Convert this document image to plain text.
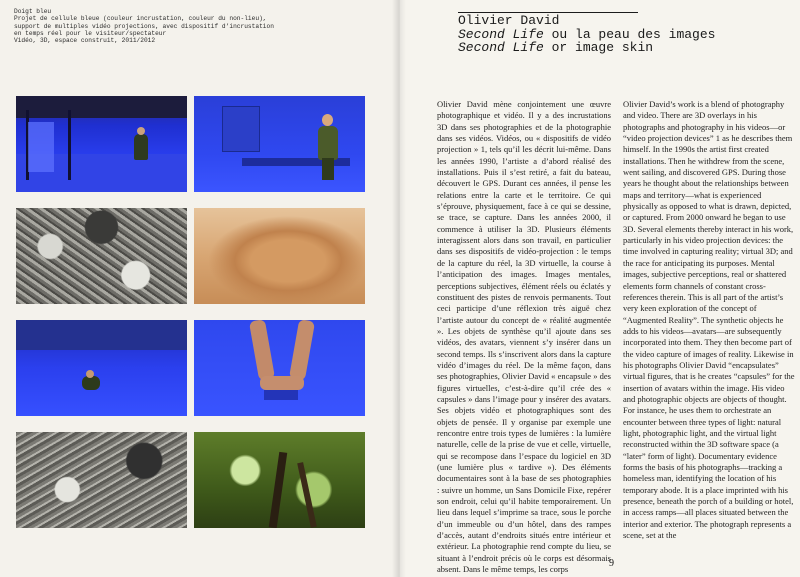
Doigt bleu
Projet de cellule bleue (couleur incrustation, couleur du non-lieu),
support de multiples vidéo projections, avec dispositif d’incrustation
en temps réel pour le visiteur/spectateur
Vidéo, 3D, espace construit, 2011/2012
Olivier David
Second Life ou la peau des images
Second Life or image skin

Olivier David mène conjointement une œuvre photographique et vidéo. Il y a des incrustations 3D dans ses photographies et de la photographie dans ses vidéos. Vidéos, ou « dispositifs de vidéo projection » 1, tels qu’il les décrit lui-même. Dans les années 1990, l’artiste a d’abord réalisé des installations. Puis il s’est retiré, a fait du bateau, découvert le GPS. Durant ces années, il pense les relations entre la carte et le territoire. Ce qui s’éprouve, physiquement, face à ce qui se dessine, se trace, se capture. Dans les années 2000, il commence à utiliser la 3D. Plusieurs éléments interagissent alors dans son travail, en particulier dans ses dispositifs de vidéo-projection : le temps de la capture du réel, la 3D virtuelle, la course à l’anticipation des images. Images mentales, perceptions subjectives, élément réels ou éclatés y constituent des pistes de renvois permanents. Tout ceci participe d’une réflexion très aiguë chez l’artiste autour du concept de « réalité augmentée ». Les objets de synthèse qu’il ajoute dans ses vidéos, des avatars, viennent s’y insérer dans un second temps. Ils s’inscrivent alors dans la capture vidéo d’images du réel. De la même façon, dans ses photographies, Olivier David « encapsule » des figures virtuelles, c’est-à-dire qu’il crée des « capsules » dans l’image pour y insérer des avatars. Ses objets vidéo et photographiques sont des objets de pensée. Il y organise par exemple une rencontre entre trois types de lumières : la lumière naturelle, celle de la prise de vue et celle, virtuelle, qui se recompose dans l’espace du logiciel en 3D (une lumière plus « tardive »). Des éléments documentaires sont à la base de ses photographies : suivre un homme, un Sans Domicile Fixe, repérer son endroit, celui qu’il habite temporairement. Un lieu dans lequel s’imprime sa trace, sous le porche d’un immeuble ou d’un hôtel, dans des rampes d’accès, autant d’endroits situés entre intérieur et extérieur. La photographie rend compte du lieu, se situant à l’endroit précis où le corps est désormais absent. Dans le même temps, les corps

Olivier David’s work is a blend of photography and video. There are 3D overlays in his photographs and photography in his videos—or “video projection devices” 1 as he describes them himself. In the 1990s the artist first created installations. Then he withdrew from the scene, went sailing, and discovered GPS. During those years he thought about the relationships between maps and territory—what is experienced physically as opposed to what is drawn, depicted, or captured. From 2000 onward he began to use 3D. Several elements thereby interact in his work, particularly in his video projection devices: the time involved in capturing reality; virtual 3D; and the race for anticipating its purposes. Mental images, subjective perceptions, real or shattered elements form channels of constant cross-references therein. This is all part of the artist’s very keen exploration of the concept of “Augmented Reality”. The synthetic objects he adds to his videos—avatars—are subsequently incorporated into them. They then become part of the video capture of images of reality. Likewise in his photographs Olivier David “encapsulates” virtual figures, that is he creates “capsules” for the insertion of avatars within the image. His video and photographic objects are objects of thought. For instance, he uses them to orchestrate an encounter between three types of light: natural light, photographic light, and the virtual light reconstructed within the 3D software space (a “later” form of light). Documentary evidence forms the basis of his photographs—tracking a homeless man, identifying the location of his temporary abode. It is a place imprinted with his presence, beneath the porch of a building or hotel, in access ramps—all places situated between the interior and exterior. The photograph represents a scene, set at the

9
